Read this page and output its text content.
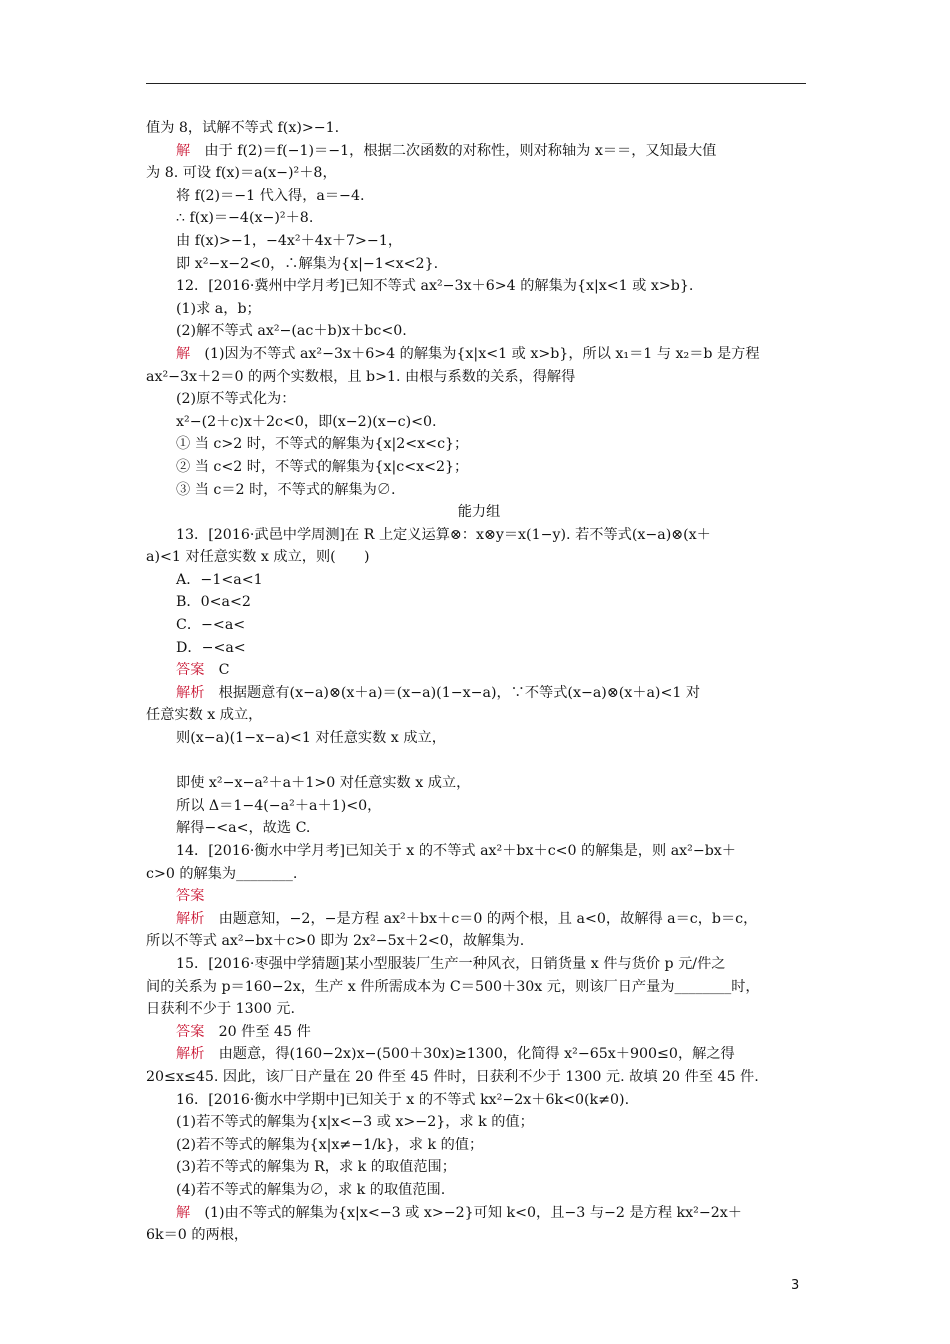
值为 8，试解不等式 f(x)>−1.
解　 由于 f(2)＝f(−1)＝−1，根据二次函数的对称性，则对称轴为 x＝＝，又知最大值
为 8. 可设 f(x)＝a(x−)²＋8，
将 f(2)＝−1 代入得，a＝−4.
∴ f(x)＝−4(x−)²＋8.
由 f(x)>−1，−4x²＋4x＋7>−1，
即 x²−x−2<0，∴解集为{x|−1<x<2}.
12．[2016·冀州中学月考]已知不等式 ax²−3x＋6>4 的解集为{x|x<1 或 x>b}.
(1)求 a，b；
(2)解不等式 ax²−(ac＋b)x＋bc<0.
解　 (1)因为不等式 ax²−3x＋6>4 的解集为{x|x<1 或 x>b}，所以 x₁＝1 与 x₂＝b 是方程
ax²−3x＋2＝0 的两个实数根，且 b>1. 由根与系数的关系，得解得
(2)原不等式化为：
x²−(2＋c)x＋2c<0，即(x−2)(x−c)<0.
① 当 c>2 时，不等式的解集为{x|2<x<c}；
② 当 c<2 时，不等式的解集为{x|c<x<2}；
③ 当 c＝2 时，不等式的解集为∅.
能力组
13．[2016·武邑中学周测]在 R 上定义运算⊗：x⊗y＝x(1−y). 若不等式(x−a)⊗(x＋
a)<1 对任意实数 x 成立，则(　　)
A．−1<a<1
B．0<a<2
C．−<a<
D．−<a<
答案　 C
解析　 根据题意有(x−a)⊗(x＋a)＝(x−a)(1−x−a)，∵不等式(x−a)⊗(x＋a)<1 对
任意实数 x 成立，
则(x−a)(1−x−a)<1 对任意实数 x 成立，
即使 x²−x−a²＋a＋1>0 对任意实数 x 成立，
所以 Δ＝1−4(−a²＋a＋1)<0，
解得−<a<，故选 C.
14．[2016·衡水中学月考]已知关于 x 的不等式 ax²＋bx＋c<0 的解集是，则 ax²−bx＋
c>0 的解集为________.
答案
解析　 由题意知，−2，−是方程 ax²＋bx＋c＝0 的两个根，且 a<0，故解得 a＝c，b＝c，
所以不等式 ax²−bx＋c>0 即为 2x²−5x＋2<0，故解集为.
15．[2016·枣强中学猜题]某小型服装厂生产一种风衣，日销货量 x 件与货价 p 元/件之
间的关系为 p＝160−2x，生产 x 件所需成本为 C＝500＋30x 元，则该厂日产量为________时，
日获利不少于 1300 元.
答案　 20 件至 45 件
解析　 由题意，得(160−2x)x−(500＋30x)≥1300，化简得 x²−65x＋900≤0，解之得
20≤x≤45. 因此，该厂日产量在 20 件至 45 件时，日获利不少于 1300 元. 故填 20 件至 45 件.
16．[2016·衡水中学期中]已知关于 x 的不等式 kx²−2x＋6k<0(k≠0).
(1)若不等式的解集为{x|x<−3 或 x>−2}，求 k 的值；
(2)若不等式的解集为{x|x≠−1/k}，求 k 的值；
(3)若不等式的解集为 R，求 k 的取值范围；
(4)若不等式的解集为∅，求 k 的取值范围.
解　 (1)由不等式的解集为{x|x<−3 或 x>−2}可知 k<0，且−3 与−2 是方程 kx²−2x＋
6k＝0 的两根，
3
